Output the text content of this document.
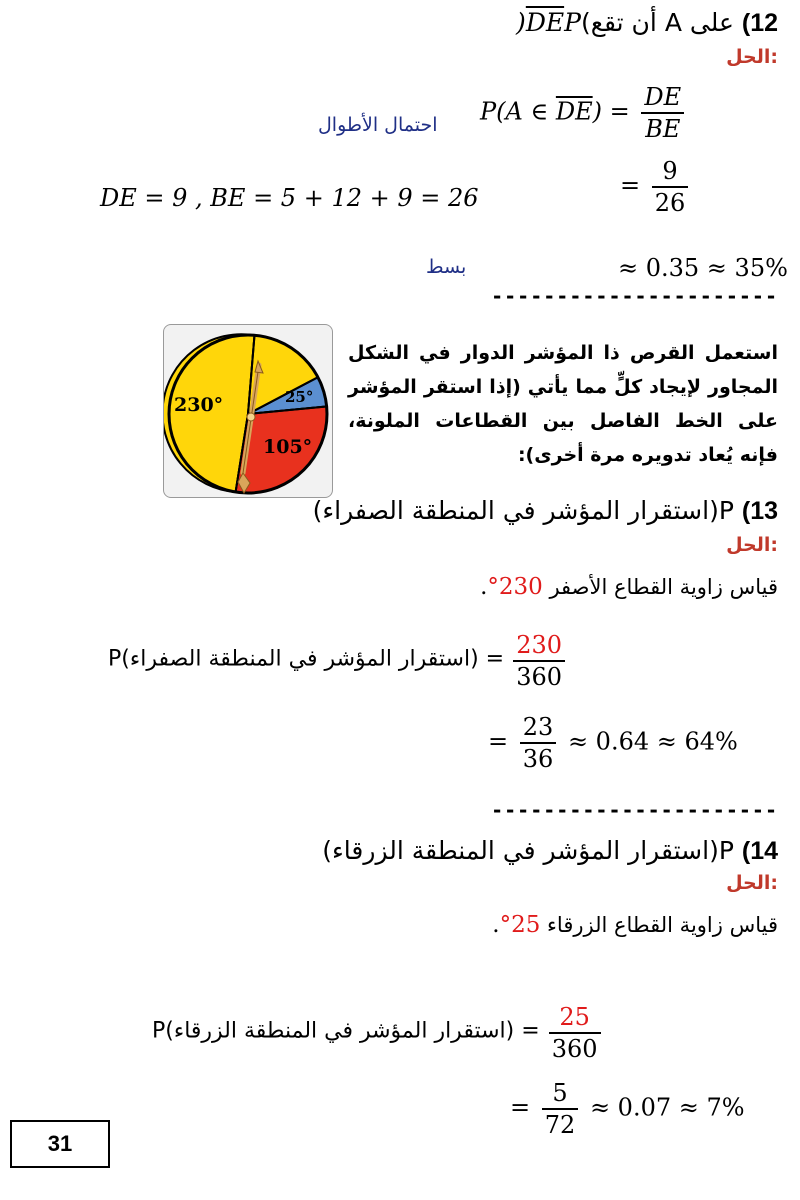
12) على A أن $تقع)\overline{DE}P$(
الحل:
P(A ∈ $\overline{DE}) = \frac{DE}{BE}$
احتمال الأطوال
DE = 9 , BE = 5 + 12 + 9 = 26	= $\frac{9}{26}$
بسط	≈ 0.35 ≈ 35%
----------------------
230°	25°
105°
استعمل القرص ذا المؤشر الدوار في الشكل المجاور لإيجاد كلٍّ مما يأتي (إذا استقر المؤشر على الخط الفاصل بين القطاعات الملونة، فإنه يُعاد تدويره مرة أخرى):
13) P(استقرار المؤشر في المنطقة الصفراء)
الحل:
قياس زاوية القطاع الأصفر 230°.
P(استقرار المؤشر في المنطقة الصفراء) = $\frac{230}{360}$
= $\frac{23}{36} \approx 0.64 \approx 64\%$
----------------------
14) P(استقرار المؤشر في المنطقة الزرقاء)
الحل:
قياس زاوية القطاع الزرقاء 25°.
P(استقرار المؤشر في المنطقة الزرقاء) = $\frac{25}{360}$
= $\frac{5}{72} \approx 0.07 \approx 7\%$
31
